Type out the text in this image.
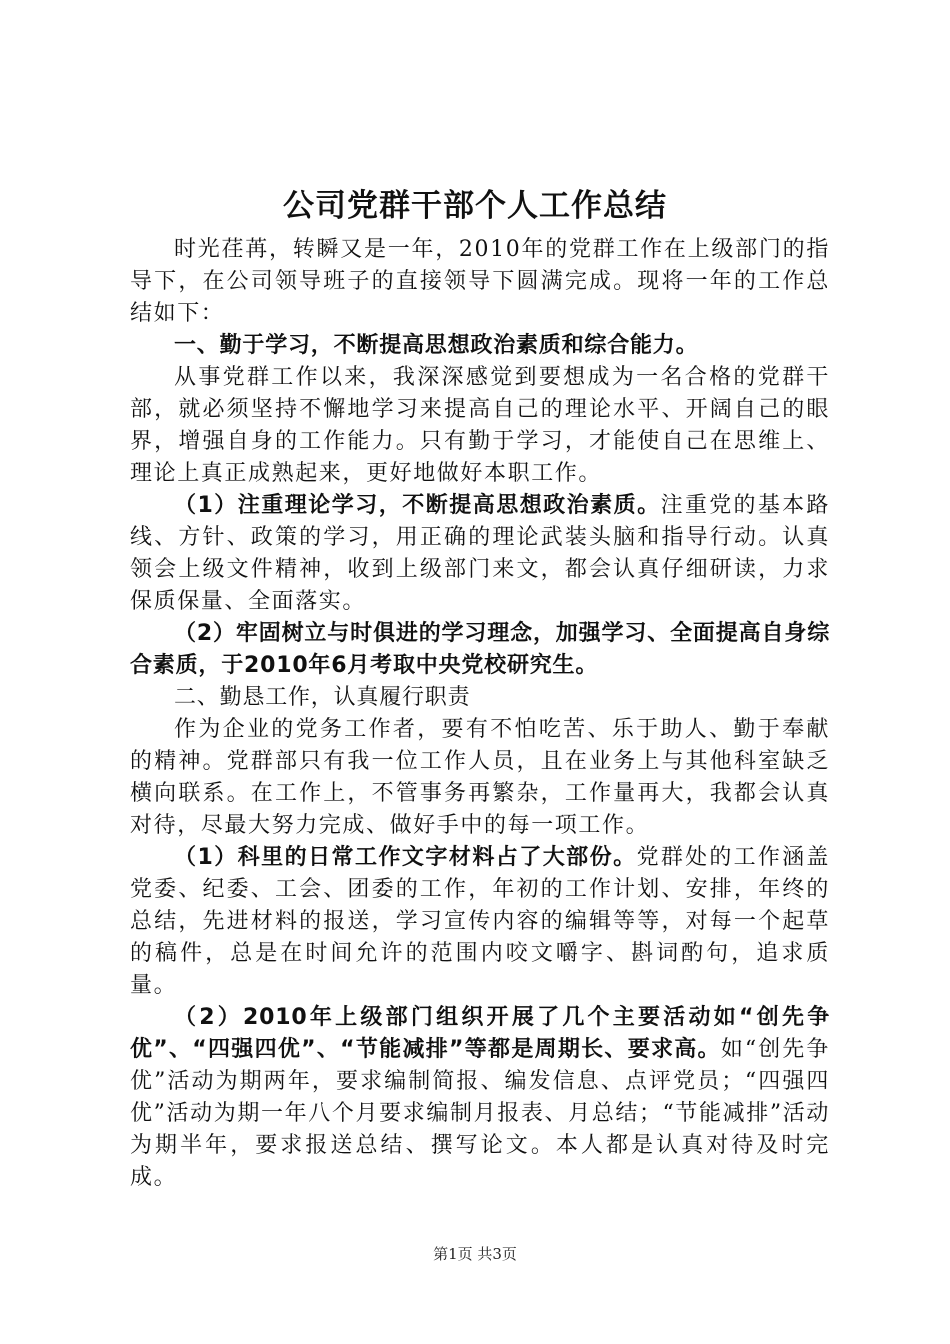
公司党群干部个人工作总结

时光荏苒，转瞬又是一年，2010年的党群工作在上级部门的指导下，在公司领导班子的直接领导下圆满完成。现将一年的工作总结如下：

一、勤于学习，不断提高思想政治素质和综合能力。

从事党群工作以来，我深深感觉到要想成为一名合格的党群干部，就必须坚持不懈地学习来提高自己的理论水平、开阔自己的眼界，增强自身的工作能力。只有勤于学习，才能使自己在思维上、理论上真正成熟起来，更好地做好本职工作。

（1）注重理论学习，不断提高思想政治素质。注重党的基本路线、方针、政策的学习，用正确的理论武装头脑和指导行动。认真领会上级文件精神，收到上级部门来文，都会认真仔细研读，力求保质保量、全面落实。

（2）牢固树立与时俱进的学习理念，加强学习、全面提高自身综合素质，于2010年6月考取中央党校研究生。

二、勤恳工作，认真履行职责

作为企业的党务工作者，要有不怕吃苦、乐于助人、勤于奉献的精神。党群部只有我一位工作人员，且在业务上与其他科室缺乏横向联系。在工作上，不管事务再繁杂，工作量再大，我都会认真对待，尽最大努力完成、做好手中的每一项工作。

（1）科里的日常工作文字材料占了大部份。党群处的工作涵盖党委、纪委、工会、团委的工作，年初的工作计划、安排，年终的总结，先进材料的报送，学习宣传内容的编辑等等，对每一个起草的稿件，总是在时间允许的范围内咬文嚼字、斟词酌句，追求质量。

（2）2010年上级部门组织开展了几个主要活动如“创先争优”、“四强四优”、“节能减排”等都是周期长、要求高。如“创先争优”活动为期两年，要求编制简报、编发信息、点评党员；“四强四优”活动为期一年八个月要求编制月报表、月总结；“节能减排”活动为期半年，要求报送总结、撰写论文。本人都是认真对待及时完成。

第1页 共3页
